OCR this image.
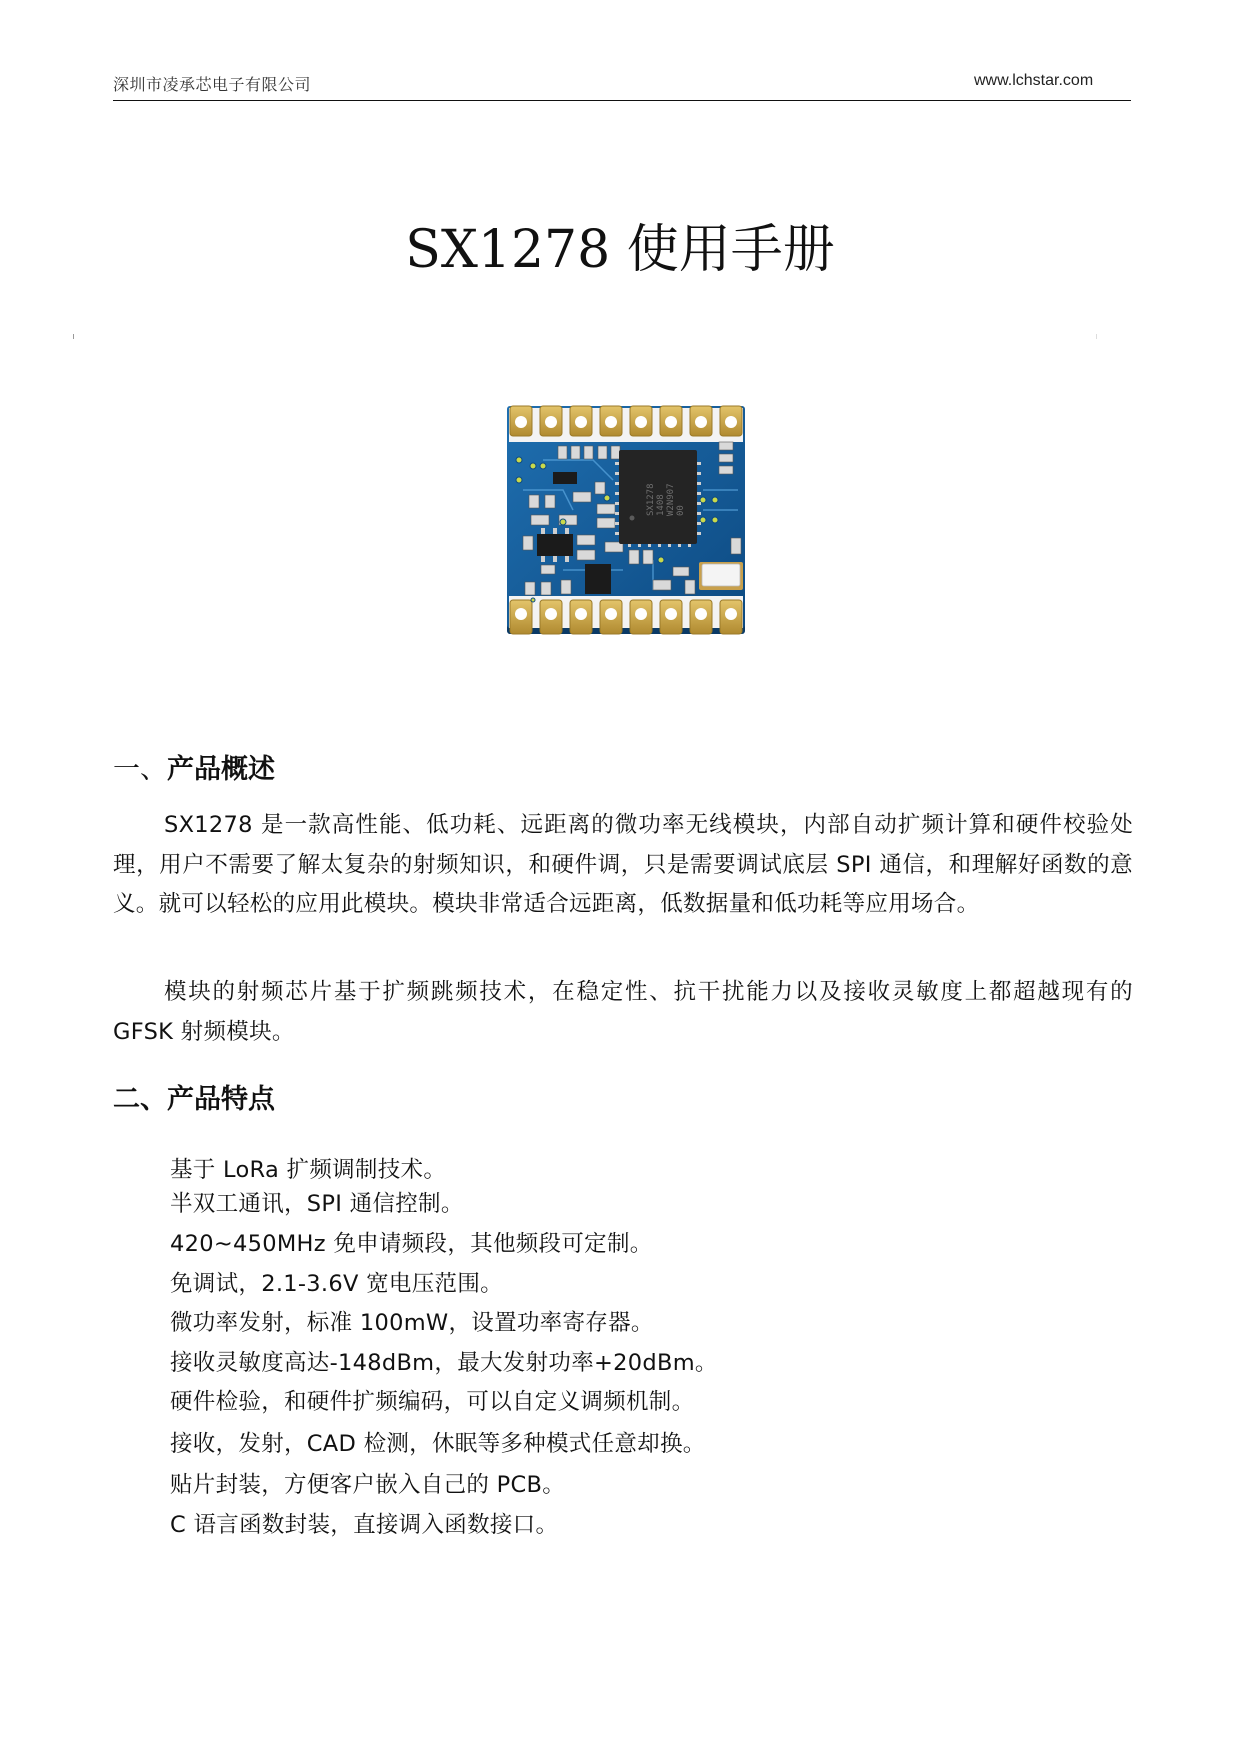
深圳市凌承芯电子有限公司	www.lchstar.com
SX1278 使用手册
SX1278 1408 W2N907 00
一、产品概述

SX1278 是一款高性能、低功耗、远距离的微功率无线模块，内部自动扩频计算和硬件校验处理，用户不需要了解太复杂的射频知识，和硬件调，只是需要调试底层 SPI 通信，和理解好函数的意义。就可以轻松的应用此模块。模块非常适合远距离，低数据量和低功耗等应用场合。

模块的射频芯片基于扩频跳频技术，在稳定性、抗干扰能力以及接收灵敏度上都超越现有的 GFSK 射频模块。

二、产品特点
基于 LoRa 扩频调制技术。
半双工通讯，SPI 通信控制。
420~450MHz 免申请频段，其他频段可定制。
免调试，2.1-3.6V 宽电压范围。
微功率发射，标准 100mW，设置功率寄存器。
接收灵敏度高达-148dBm，最大发射功率+20dBm。
硬件检验，和硬件扩频编码，可以自定义调频机制。
接收，发射，CAD 检测，休眠等多种模式任意却换。
贴片封装，方便客户嵌入自己的 PCB。
C 语言函数封装，直接调入函数接口。
